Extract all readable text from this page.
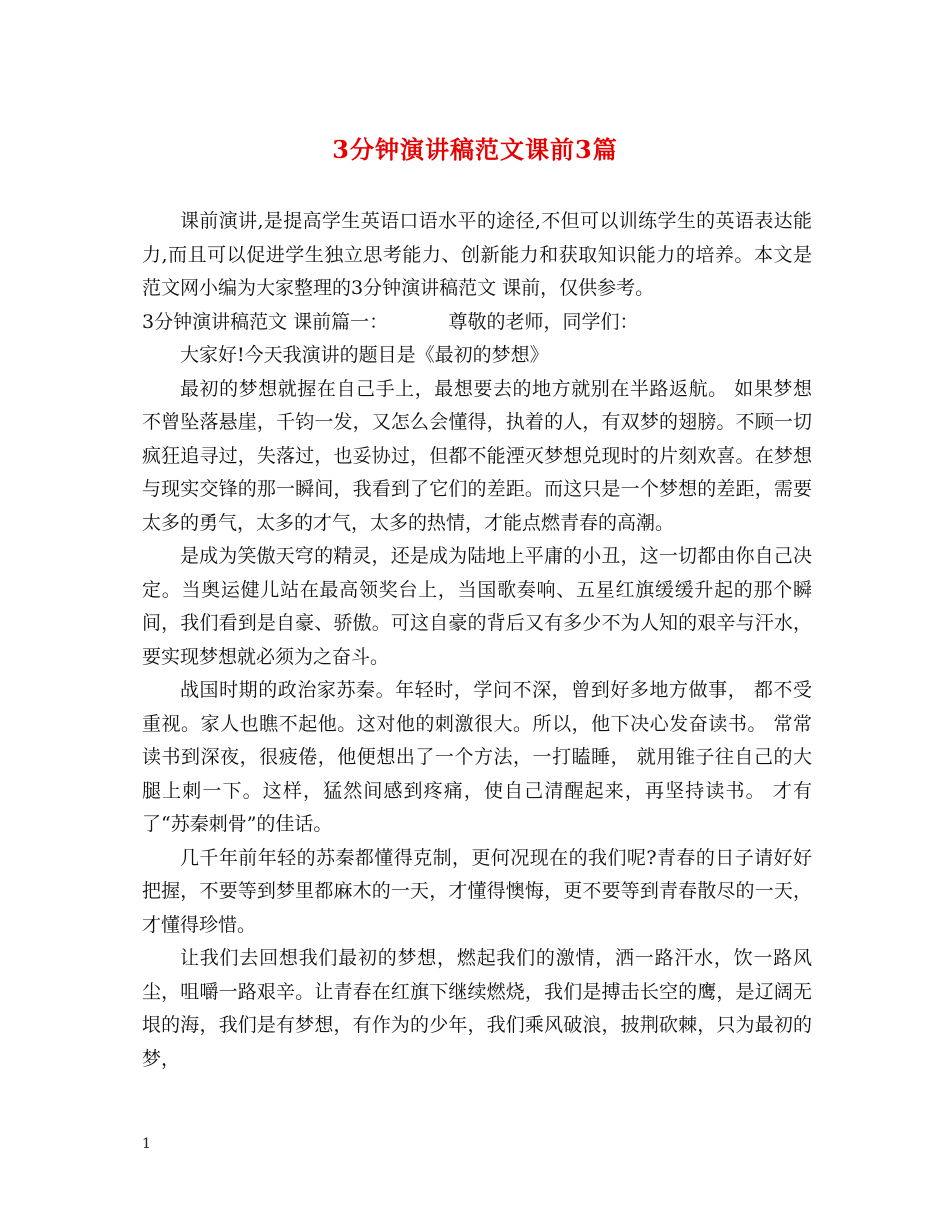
3分钟演讲稿范文课前3篇

课前演讲,是提高学生英语口语水平的途径,不但可以训练学生的英语表达能力,而且可以促进学生独立思考能力、创新能力和获取知识能力的培养。本文是范文网小编为大家整理的3分钟演讲稿范文 课前，仅供参考。

3分钟演讲稿范文 课前篇一：          尊敬的老师，同学们：

大家好!今天我演讲的题目是《最初的梦想》

最初的梦想就握在自己手上，最想要去的地方就别在半路返航。 如果梦想不曾坠落悬崖，千钧一发，又怎么会懂得，执着的人，有双梦的翅膀。不顾一切疯狂追寻过，失落过，也妥协过，但都不能湮灭梦想兑现时的片刻欢喜。在梦想与现实交锋的那一瞬间，我看到了它们的差距。而这只是一个梦想的差距，需要太多的勇气，太多的才气，太多的热情，才能点燃青春的高潮。

是成为笑傲天穹的精灵，还是成为陆地上平庸的小丑，这一切都由你自己决定。当奥运健儿站在最高领奖台上，当国歌奏响、五星红旗缓缓升起的那个瞬间，我们看到是自豪、骄傲。可这自豪的背后又有多少不为人知的艰辛与汗水，要实现梦想就必须为之奋斗。

战国时期的政治家苏秦。年轻时，学问不深，曾到好多地方做事， 都不受重视。家人也瞧不起他。这对他的刺激很大。所以，他下决心发奋读书。 常常读书到深夜，很疲倦，他便想出了一个方法，一打瞌睡， 就用锥子往自己的大腿上刺一下。这样，猛然间感到疼痛，使自己清醒起来，再坚持读书。 才有了“苏秦刺骨”的佳话。

几千年前年轻的苏秦都懂得克制，更何况现在的我们呢?青春的日子请好好把握，不要等到梦里都麻木的一天，才懂得懊悔，更不要等到青春散尽的一天，才懂得珍惜。

让我们去回想我们最初的梦想，燃起我们的激情，洒一路汗水，饮一路风尘，咀嚼一路艰辛。让青春在红旗下继续燃烧，我们是搏击长空的鹰，是辽阔无垠的海，我们是有梦想，有作为的少年，我们乘风破浪，披荆砍棘，只为最初的梦，

1
